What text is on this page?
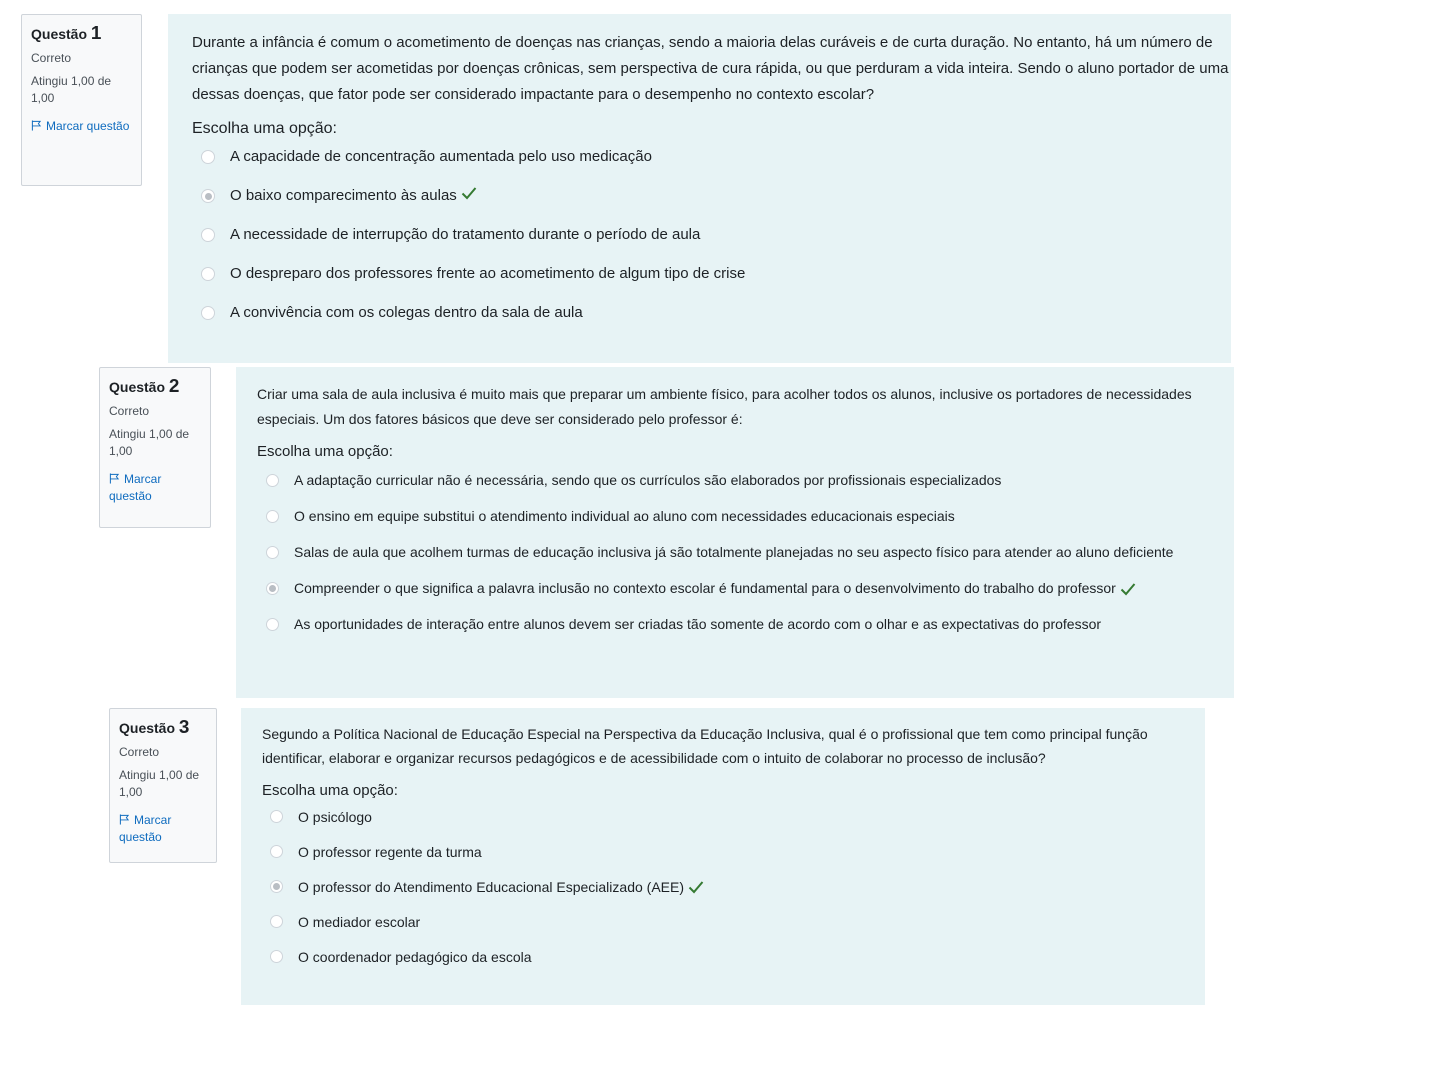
Questão 1
Correto
Atingiu 1,00 de 1,00
Marcar questão

Durante a infância é comum o acometimento de doenças nas crianças, sendo a maioria delas curáveis e de curta duração. No entanto, há um número de crianças que podem ser acometidas por doenças crônicas, sem perspectiva de cura rápida, ou que perduram a vida inteira. Sendo o aluno portador de uma dessas doenças, que fator pode ser considerado impactante para o desempenho no contexto escolar?

Escolha uma opção:
A capacidade de concentração aumentada pelo uso medicação
O baixo comparecimento às aulas
A necessidade de interrupção do tratamento durante o período de aula
O despreparo dos professores frente ao acometimento de algum tipo de crise
A convivência com os colegas dentro da sala de aula
Questão 2
Correto
Atingiu 1,00 de 1,00
Marcar questão

Criar uma sala de aula inclusiva é muito mais que preparar um ambiente físico, para acolher todos os alunos, inclusive os portadores de necessidades especiais. Um dos fatores básicos que deve ser considerado pelo professor é:

Escolha uma opção:
A adaptação curricular não é necessária, sendo que os currículos são elaborados por profissionais especializados
O ensino em equipe substitui o atendimento individual ao aluno com necessidades educacionais especiais
Salas de aula que acolhem turmas de educação inclusiva já são totalmente planejadas no seu aspecto físico para atender ao aluno deficiente
Compreender o que significa a palavra inclusão no contexto escolar é fundamental para o desenvolvimento do trabalho do professor
As oportunidades de interação entre alunos devem ser criadas tão somente de acordo com o olhar e as expectativas do professor
Questão 3
Correto
Atingiu 1,00 de 1,00
Marcar questão

Segundo a Política Nacional de Educação Especial na Perspectiva da Educação Inclusiva, qual é o profissional que tem como principal função identificar, elaborar e organizar recursos pedagógicos e de acessibilidade com o intuito de colaborar no processo de inclusão?

Escolha uma opção:
O psicólogo
O professor regente da turma
O professor do Atendimento Educacional Especializado (AEE)
O mediador escolar
O coordenador pedagógico da escola
